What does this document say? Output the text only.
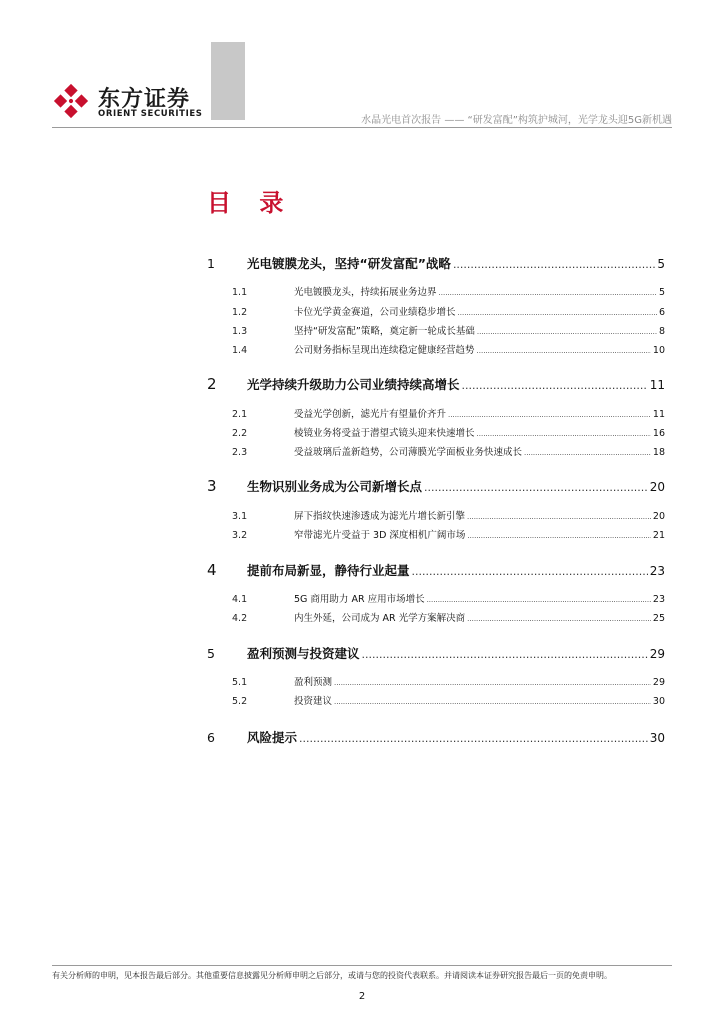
东方证券
ORIENT SECURITIES
水晶光电首次报告 —— “研发富配”构筑护城河，光学龙头迎5G新机遇
目 录
1	光电镀膜龙头，坚持“研发富配”战略 .....	5
1.1	光电镀膜龙头，持续拓展业务边界 .....	5
1.2	卡位光学黄金赛道，公司业绩稳步增长 .....	6
1.3	坚持“研发富配”策略，奠定新一轮成长基础 .....	8
1.4	公司财务指标呈现出连续稳定健康经营趋势 .....	10
2	光学持续升级助力公司业绩持续高增长 .....	11
2.1	受益光学创新，滤光片有望量价齐升 .....	11
2.2	棱镜业务将受益于潜望式镜头迎来快速增长 .....	16
2.3	受益玻璃后盖新趋势，公司薄膜光学面板业务快速成长 .....	18
3	生物识别业务成为公司新增长点 .....	20
3.1	屏下指纹快速渗透成为滤光片增长新引擎 .....	20
3.2	窄带滤光片受益于 3D 深度相机广阔市场 .....	21
4	提前布局新显，静待行业起量 .....	23
4.1	5G 商用助力 AR 应用市场增长 .....	23
4.2	内生外延，公司成为 AR 光学方案解决商 .....	25
5	盈利预测与投资建议 .....	29
5.1	盈利预测 .....	29
5.2	投资建议 .....	30
6	风险提示 .....	30
有关分析师的申明，见本报告最后部分。其他重要信息披露见分析师申明之后部分，或请与您的投资代表联系。并请阅读本证券研究报告最后一页的免责申明。
2
